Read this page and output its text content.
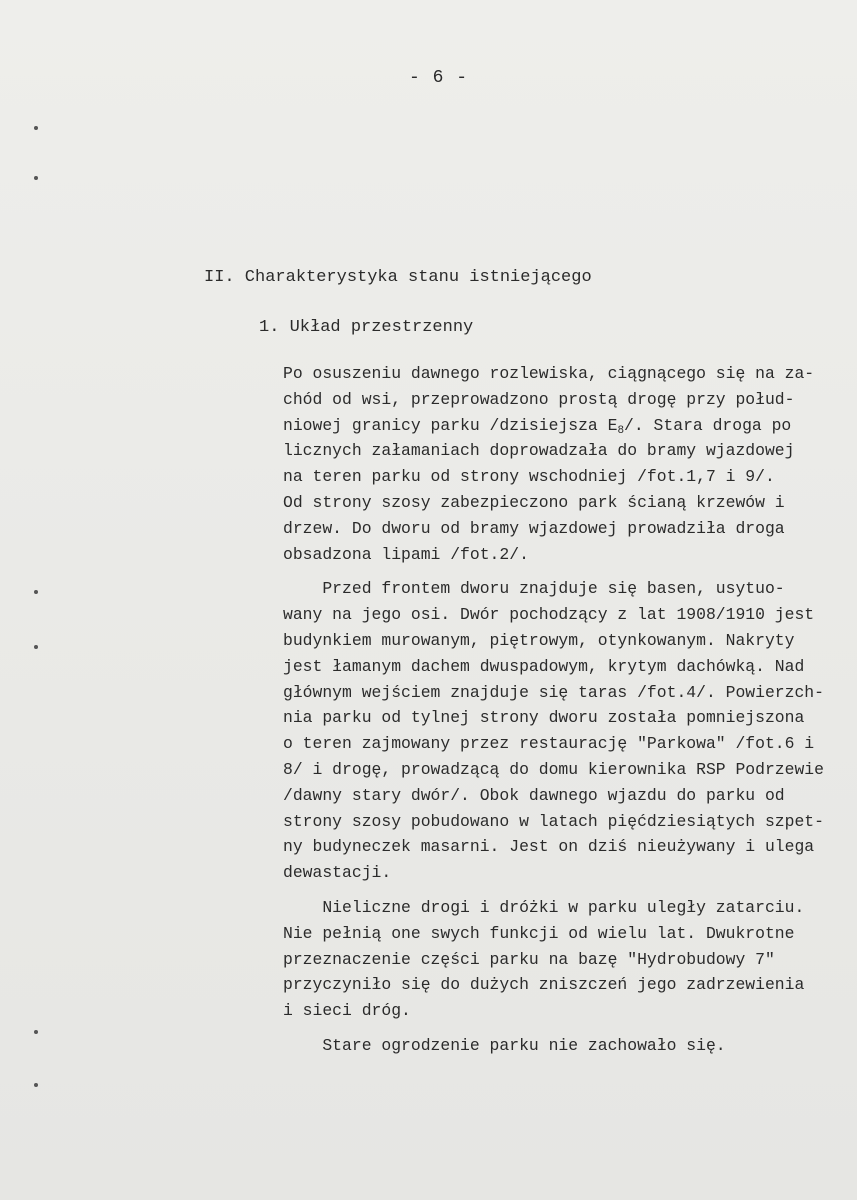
- 6 -
II. Charakterystyka stanu istniejącego
1. Układ przestrzenny
Po osuszeniu dawnego rozlewiska, ciągnącego się na za-
chód od wsi, przeprowadzono prostą drogę przy połud-
niowej granicy parku /dzisiejsza $E_8/$. Stara droga po
licznych załamaniach doprowadzała do bramy wjazdowej
na teren parku od strony wschodniej /fot.1,7 i 9/.
Od strony szosy zabezpieczono park ścianą krzewów i
drzew. Do dworu od bramy wjazdowej prowadziła droga
obsadzona lipami /fot.2/.
Przed frontem dworu znajduje się basen, usytuo-
wany na jego osi. Dwór pochodzący z lat 1908/1910 jest
budynkiem murowanym, piętrowym, otynkowanym. Nakryty
jest łamanym dachem dwuspadowym, krytym dachówką. Nad
głównym wejściem znajduje się taras /fot.4/. Powierzch-
nia parku od tylnej strony dworu została pomniejszona
o teren zajmowany przez restaurację "Parkowa" /fot.6 i
8/ i drogę, prowadzącą do domu kierownika RSP Podrzewie
/dawny stary dwór/. Obok dawnego wjazdu do parku od
strony szosy pobudowano w latach pięćdziesiątych szpet-
ny budyneczek masarni. Jest on dziś nieużywany i ulega
dewastacji.
Nieliczne drogi i dróżki w parku uległy zatarciu.
Nie pełnią one swych funkcji od wielu lat. Dwukrotne
przeznaczenie części parku na bazę "Hydrobudowy 7"
przyczyniło się do dużych zniszczeń jego zadrzewienia
i sieci dróg.
Stare ogrodzenie parku nie zachowało się.
